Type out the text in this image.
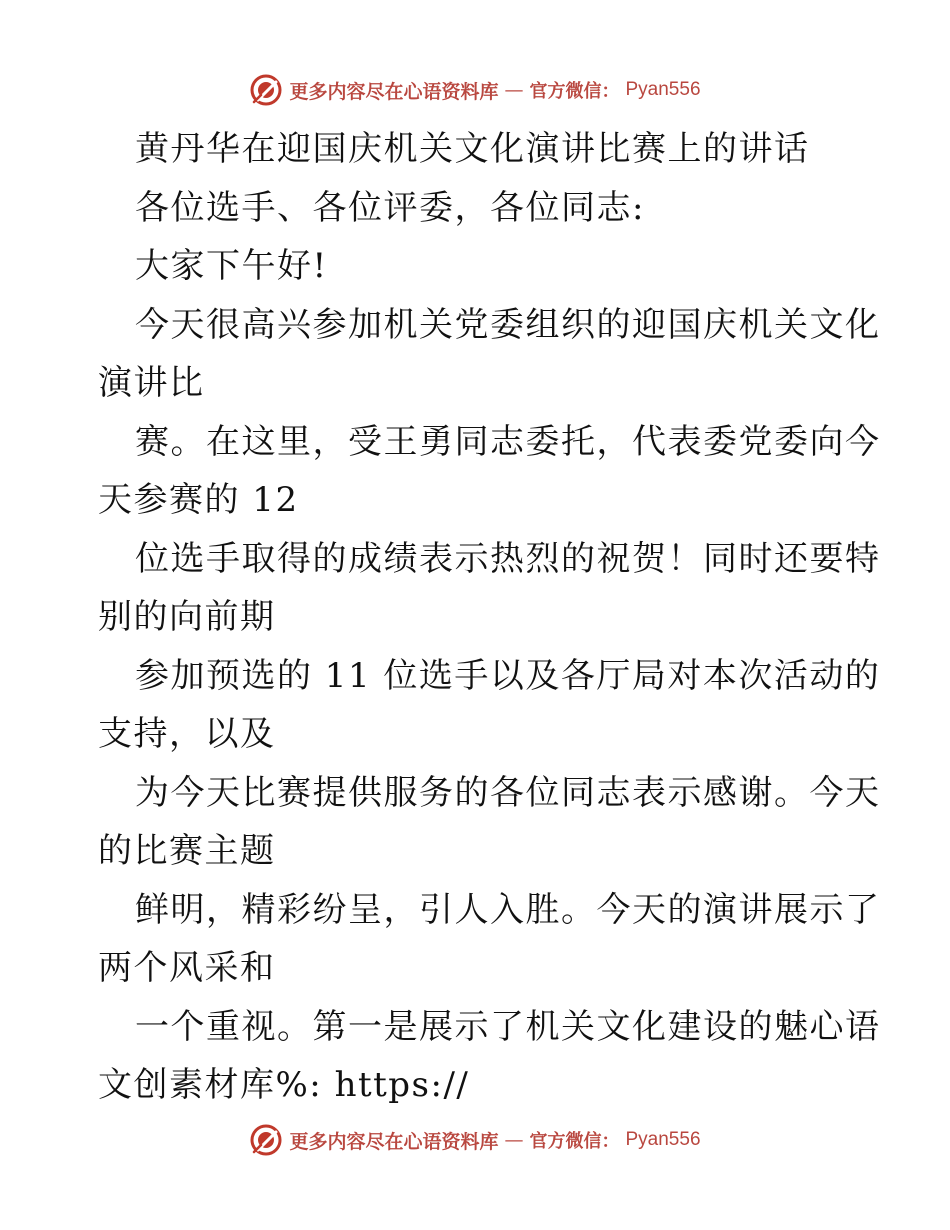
更多内容尽在心语资料库 — 官方微信： Pyan556
黄丹华在迎国庆机关文化演讲比赛上的讲话
各位选手、各位评委，各位同志:
大家下午好!
今天很高兴参加机关党委组织的迎国庆机关文化
演讲比
赛。在这里，受王勇同志委托，代表委党委向今
天参赛的 12
位选手取得的成绩表示热烈的祝贺！同时还要特
别的向前期
参加预选的 11 位选手以及各厅局对本次活动的
支持，以及
为今天比赛提供服务的各位同志表示感谢。今天
的比赛主题
鲜明，精彩纷呈，引人入胜。今天的演讲展示了
两个风采和
一个重视。第一是展示了机关文化建设的魅心语
文创素材库%: https://
更多内容尽在心语资料库 — 官方微信： Pyan556
